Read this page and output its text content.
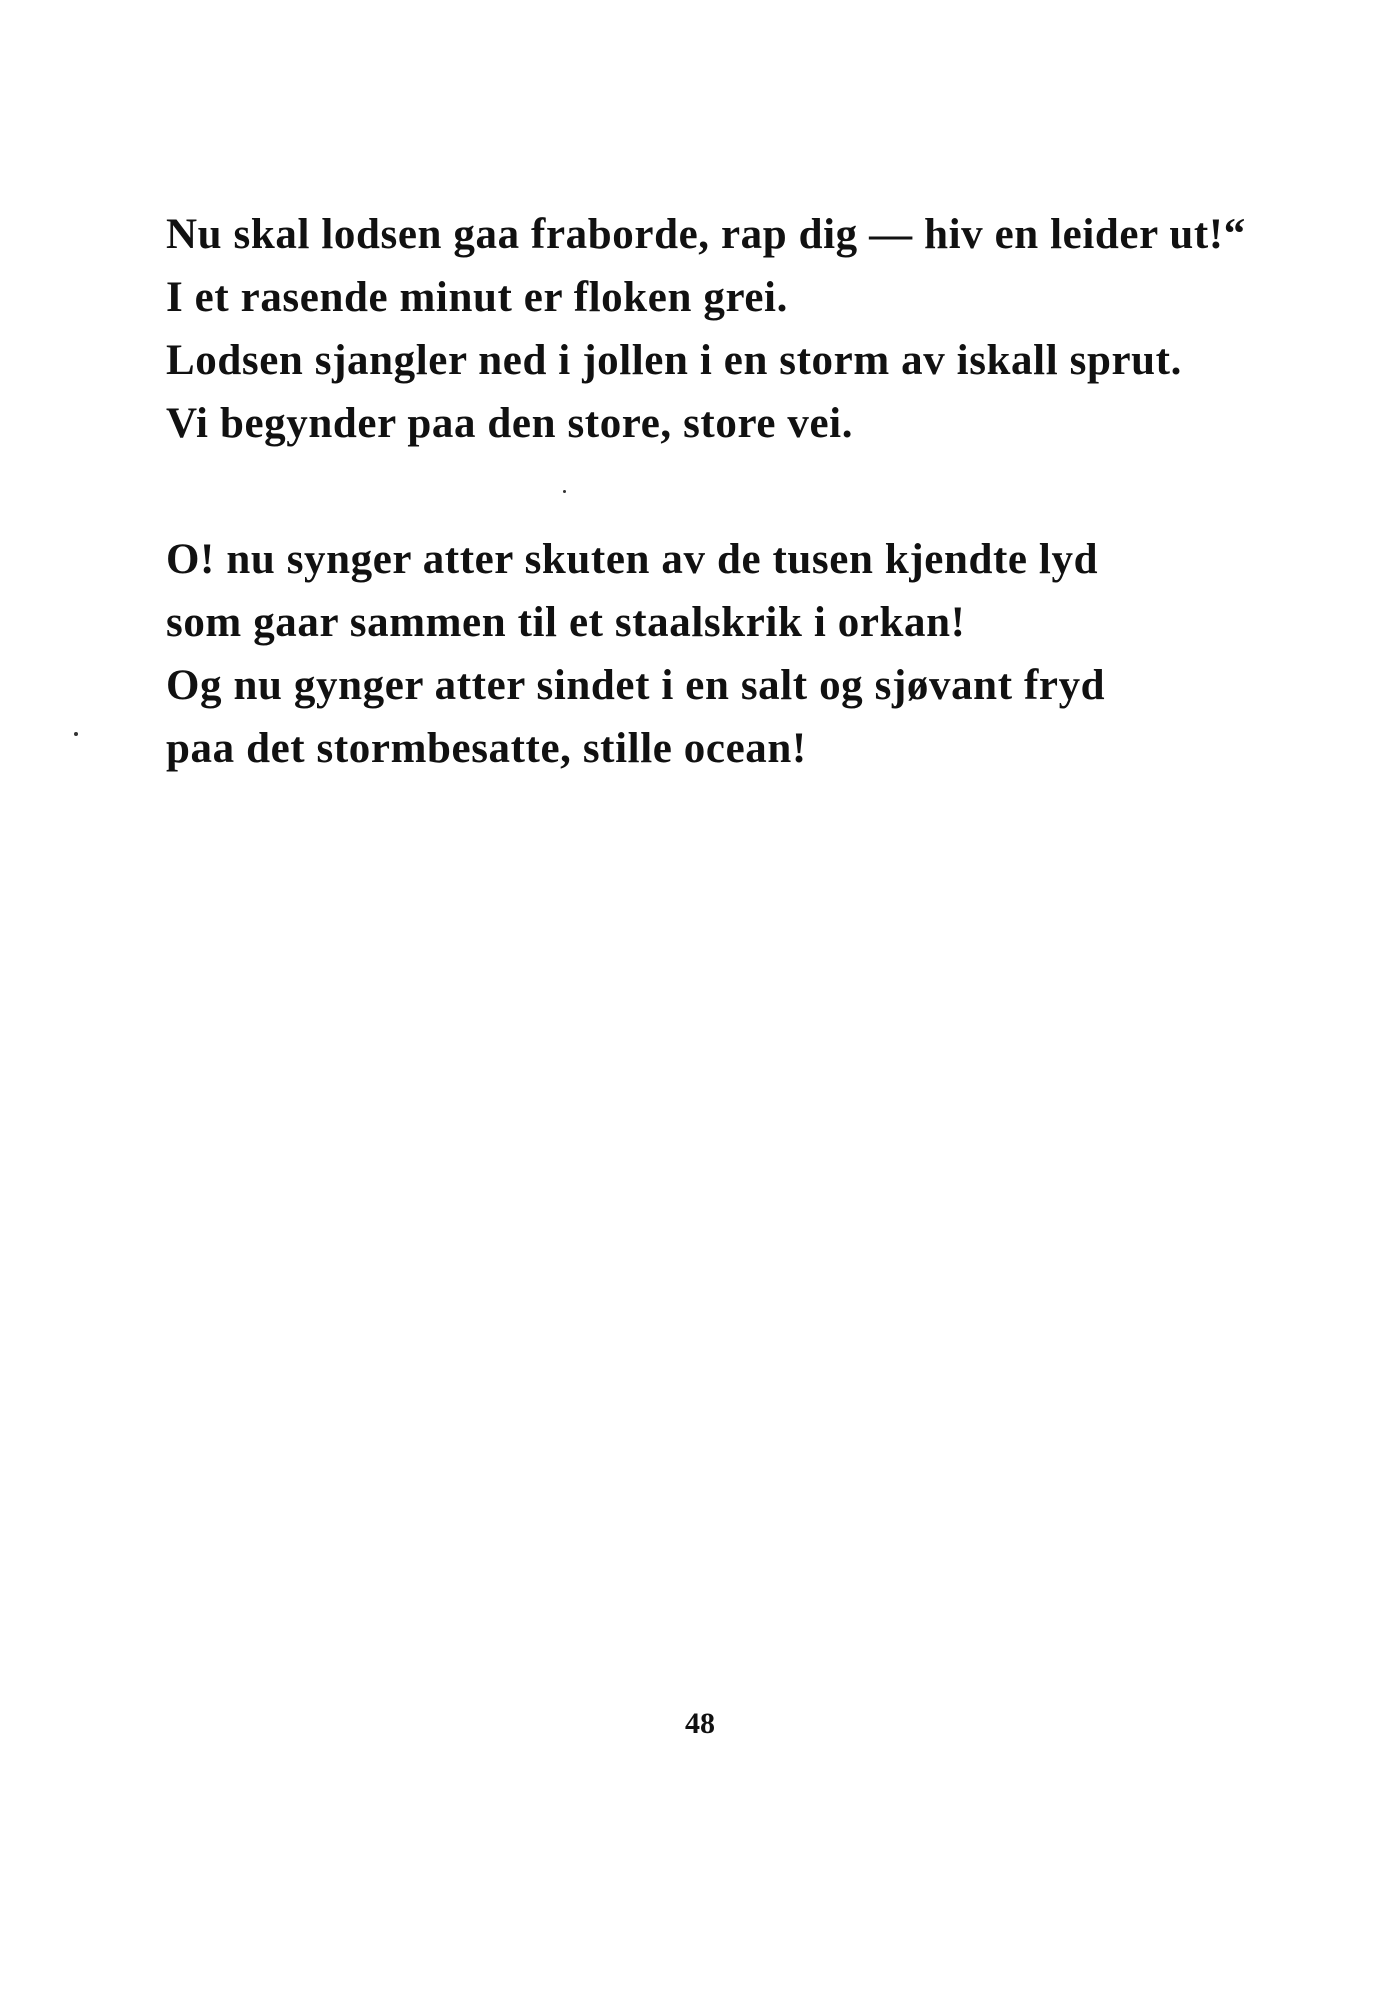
Nu skal lodsen gaa fraborde, rap dig — hiv en leider ut!“
I et rasende minut er floken grei.
Lodsen sjangler ned i jollen i en storm av iskall sprut.
Vi begynder paa den store, store vei.

O! nu synger atter skuten av de tusen kjendte lyd
som gaar sammen til et staalskrik i orkan!
Og nu gynger atter sindet i en salt og sjøvant fryd
paa det stormbesatte, stille ocean!

48
